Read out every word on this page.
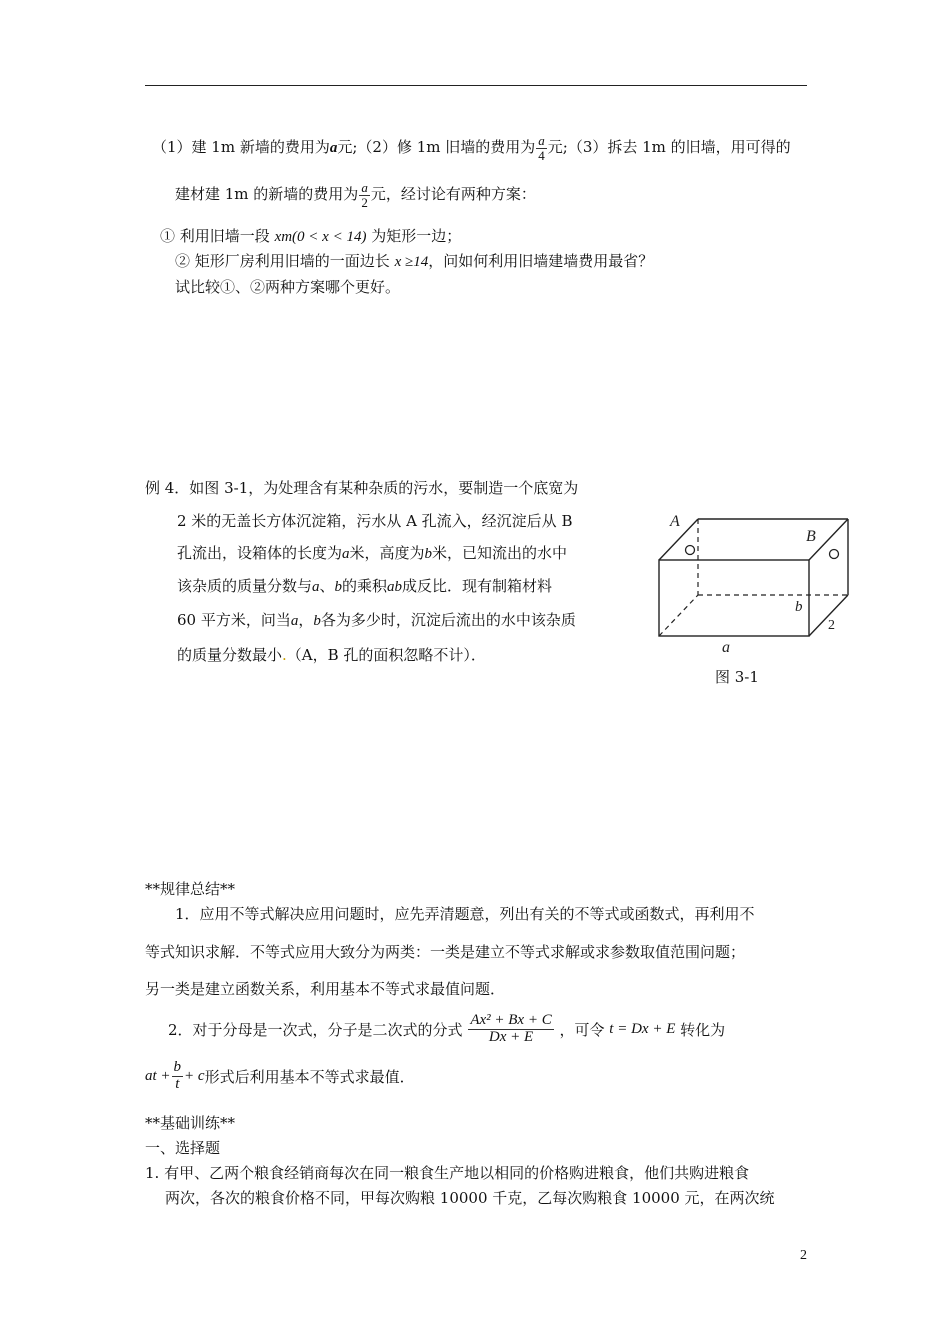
（1）建 1m 新墙的费用为a元;（2）修 1m 旧墙的费用为 $\frac{a}{4}$ 元;（3）拆去 1m 的旧墙，用可得的
建材建 1m 的新墙的费用为 $\frac{a}{2}$ 元，经讨论有两种方案：
① 利用旧墙一段 xm(0 < x < 14) 为矩形一边；
② 矩形厂房利用旧墙的一面边长 x ≥14，问如何利用旧墙建墙费用最省？
试比较①、②两种方案哪个更好。
例 4．如图 3-1，为处理含有某种杂质的污水，要制造一个底宽为
2 米的无盖长方体沉淀箱，污水从 A 孔流入，经沉淀后从 B
孔流出，设箱体的长度为a米，高度为b米，已知流出的水中
该杂质的质量分数与a、b的乘积ab成反比．现有制箱材料
60 平方米，问当a，b各为多少时，沉淀后流出的水中该杂质
的质量分数最小.（A，B 孔的面积忽略不计）．
A
B
b
2
a
图 3-1
**规律总结**
1．应用不等式解决应用问题时，应先弄清题意，列出有关的不等式或函数式，再利用不
等式知识求解．不等式应用大致分为两类：一类是建立不等式求解或求参数取值范围问题；
另一类是建立函数关系，利用基本不等式求最值问题．
2．对于分母是一次式，分子是二次式的分式 $\frac{\text{Ax² + Bx + C}}{Dx + E}$ ，可令 t = Dx + E 转化为
at + $\frac{b}{t} + c$形式后利用基本不等式求最值．
**基础训练**
一、选择题
1. 有甲、乙两个粮食经销商每次在同一粮食生产地以相同的价格购进粮食，他们共购进粮食
两次，各次的粮食价格不同，甲每次购粮 10000 千克，乙每次购粮食 10000 元，在两次统
2
